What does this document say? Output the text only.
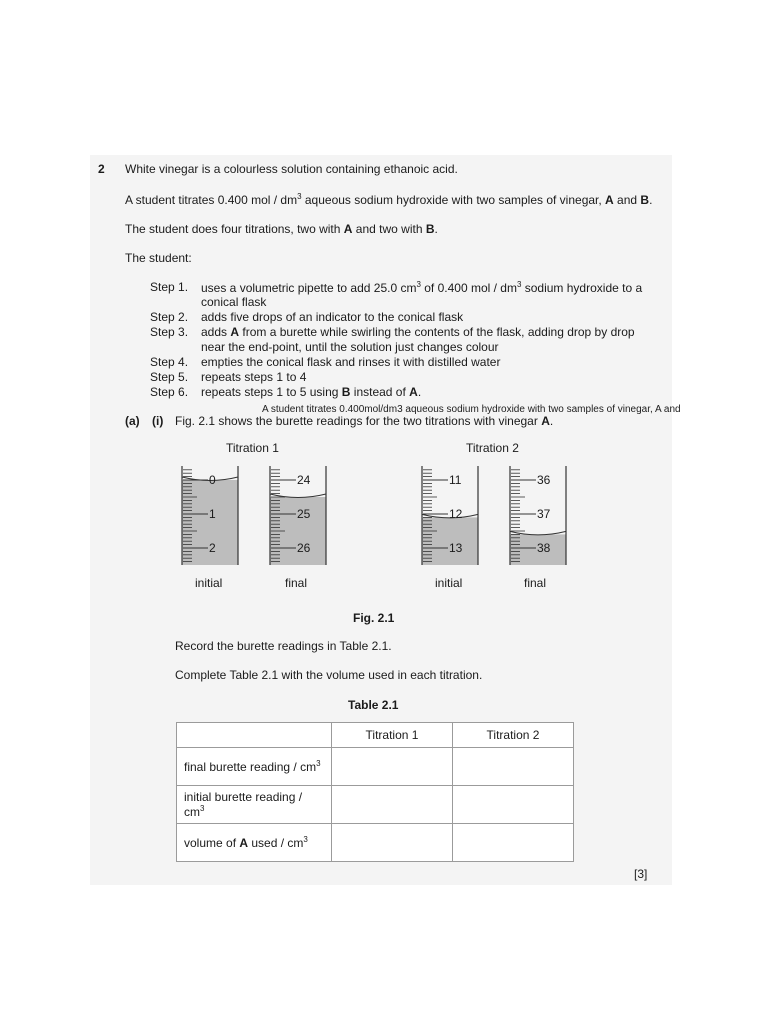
2 White vinegar is a colourless solution containing ethanoic acid.
A student titrates 0.400 mol / $dm^3$ aqueous sodium hydroxide with two samples of vinegar, A and B.
The student does four titrations, two with A and two with B.
The student:
Step 1. uses a volumetric pipette to add 25.0 $cm^3$ of 0.400 mol / $dm^3$ sodium hydroxide to a
conical flask
Step 2. adds five drops of an indicator to the conical flask
Step 3. adds A from a burette while swirling the contents of the flask, adding drop by drop
near the end-point, until the solution just changes colour
Step 4. empties the conical flask and rinses it with distilled water
Step 5. repeats steps 1 to 4
Step 6. repeats steps 1 to 5 using B instead of A.
A student titrates 0.400mol/dm3 aqueous sodium hydroxide with two samples of vinegar, A and
(a) (i) Fig. 2.1 shows the burette readings for the two titrations with vinegar A.
Titration 1	Titration 2
0
1
2
24
25
26
11
12
13
36
37
38
initial	final	initial	final
Fig. 2.1
Record the burette readings in Table 2.1.
Complete Table 2.1 with the volume used in each titration.
Table 2.1
	Titration 1	Titration 2
final burette reading / $cm^3$		
initial burette reading / $cm^3$		
volume of A used / $cm^3$		
[3]
